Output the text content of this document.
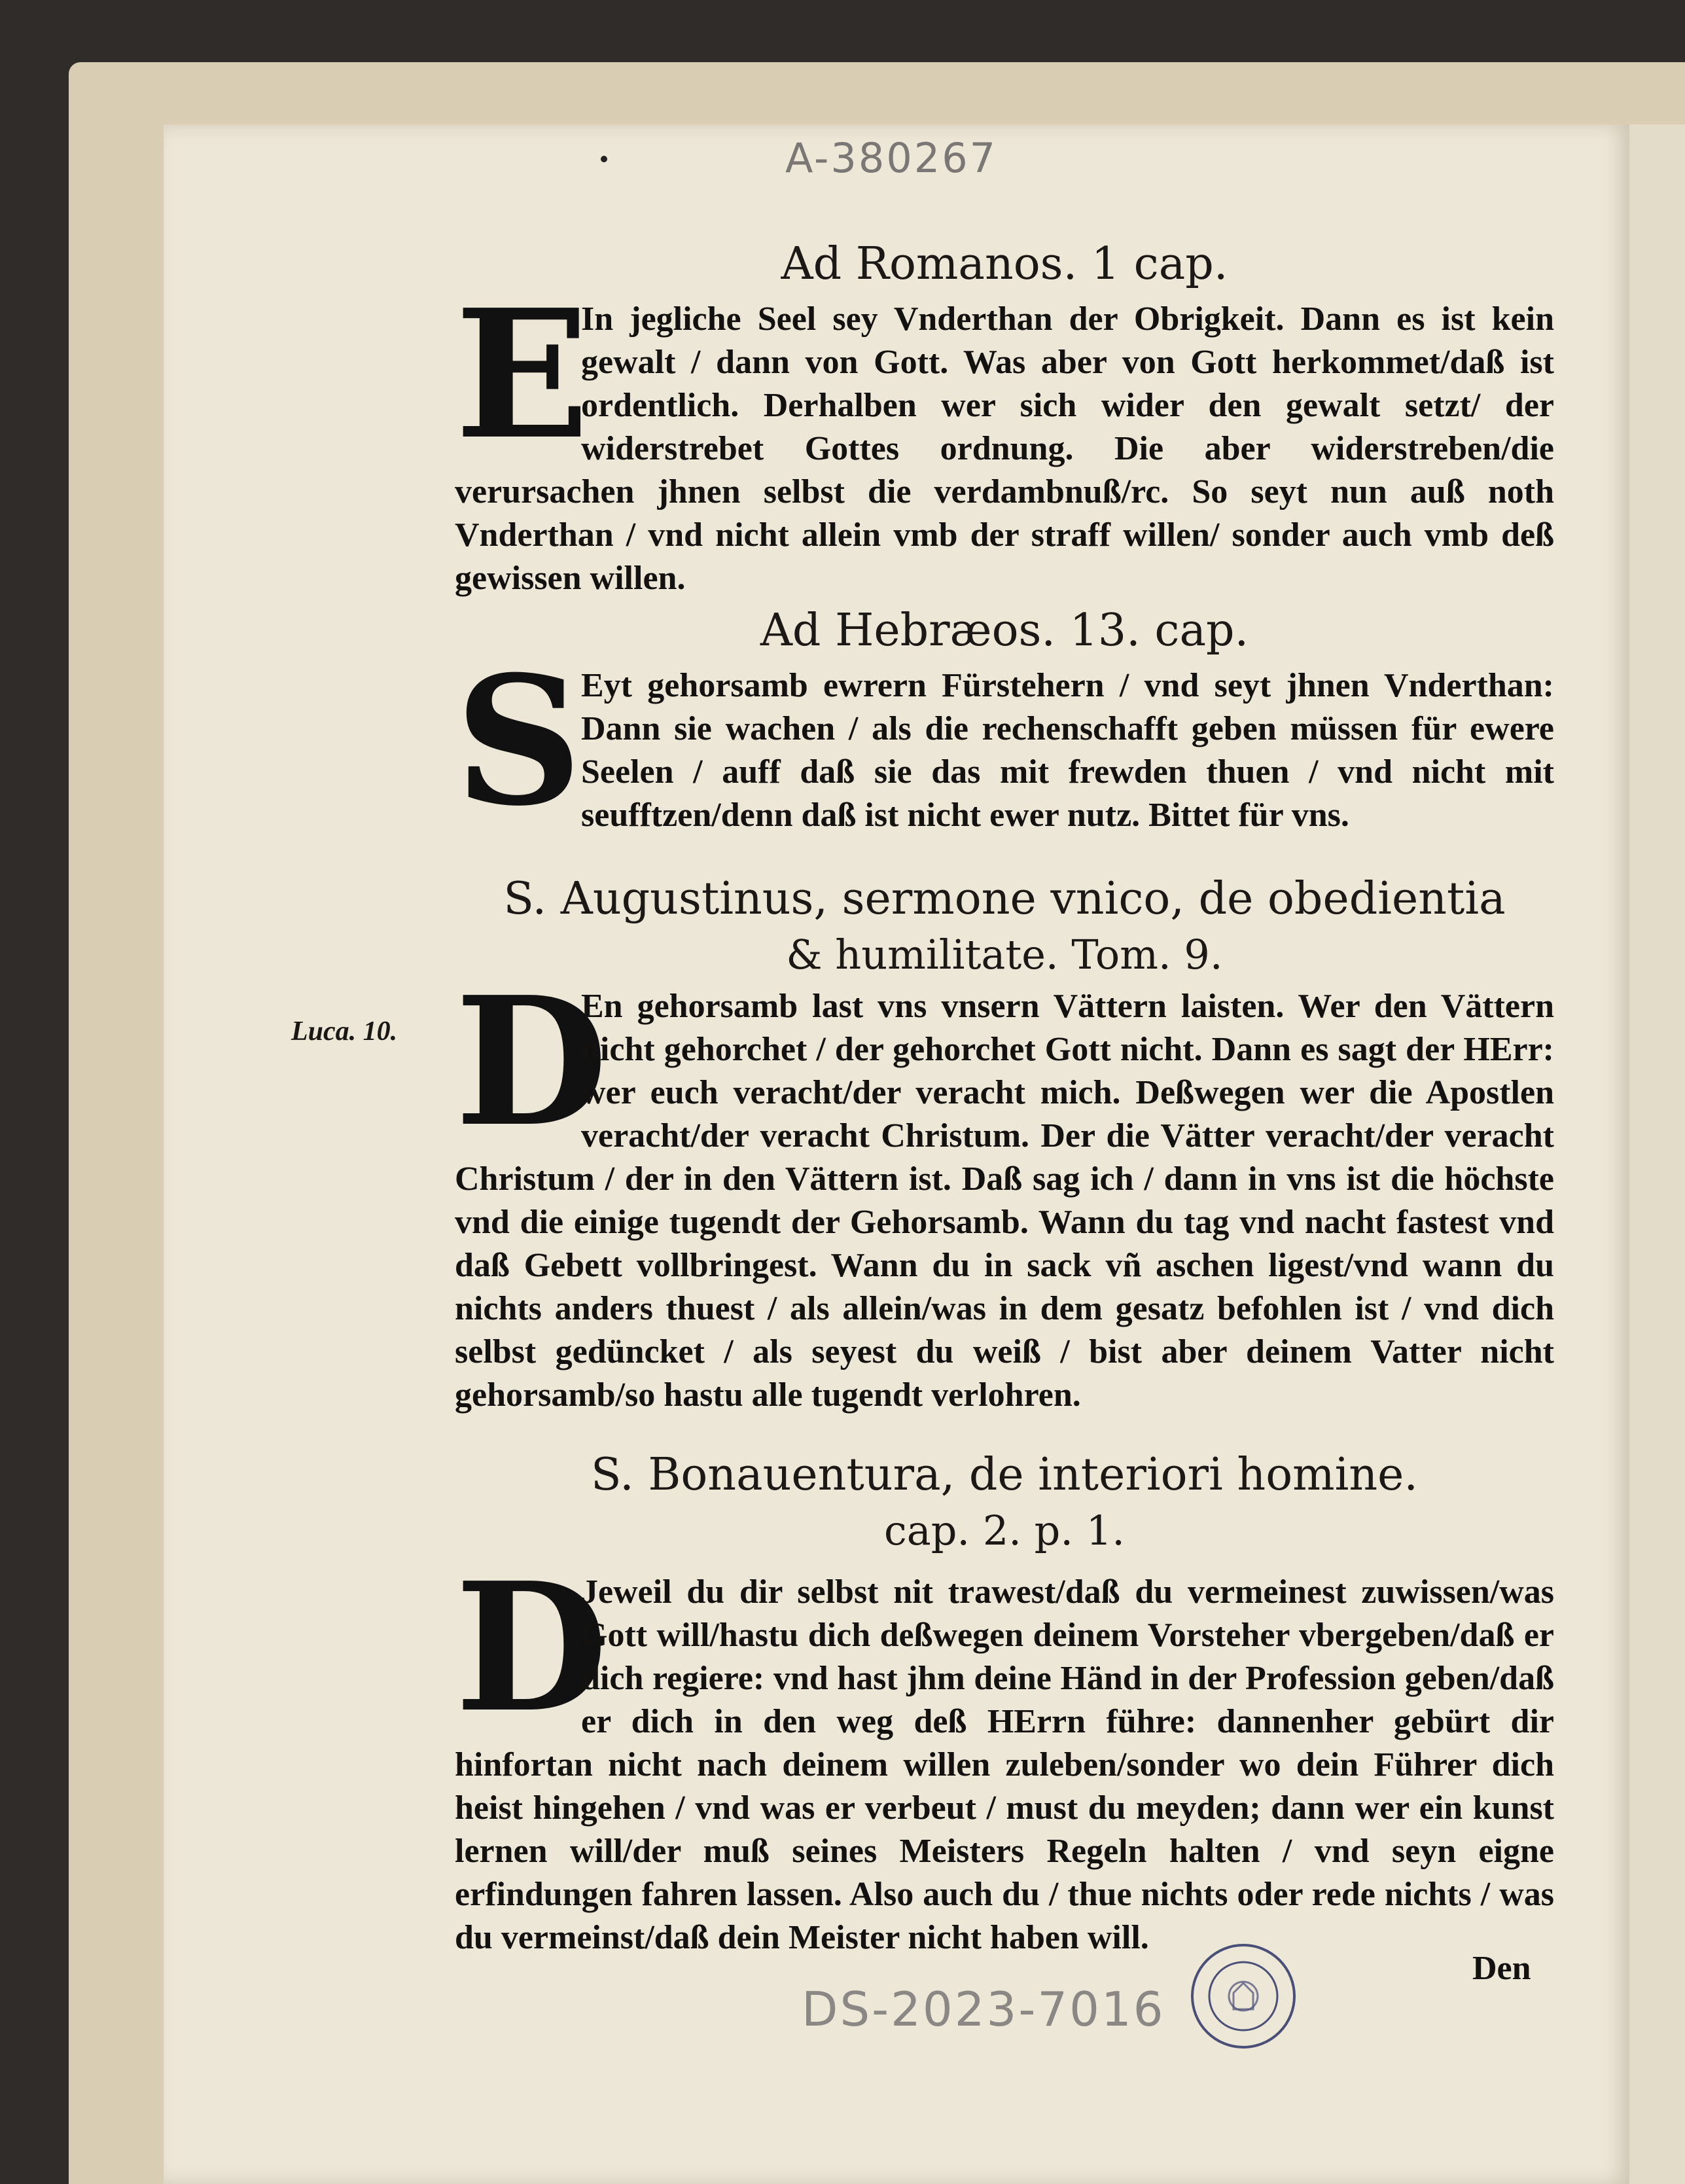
A-380267
Ad Romanos. 1 cap.
E
In jegliche Seel sey Vnderthan der Obrigkeit. Dann es ist kein gewalt / dann von Gott. Was aber von Gott herkommet/daß ist ordentlich. Derhalben wer sich wider den gewalt setzt/ der widerstrebet Gottes ordnung. Die aber widerstreben/die verursachen jhnen selbst die verdambnuß/rc. So seyt nun auß noth Vnderthan / vnd nicht allein vmb der straff willen/ sonder auch vmb deß gewissen willen.
Ad Hebræos. 13. cap.
S
Eyt gehorsamb ewrern Fürstehern / vnd seyt jhnen Vnderthan: Dann sie wachen / als die rechenschafft geben müssen für ewere Seelen / auff daß sie das mit frewden thuen / vnd nicht mit seufftzen/denn daß ist nicht ewer nutz. Bittet für vns.
S. Augustinus, sermone vnico, de obedientia
& humilitate. Tom. 9.
Luca. 10. D
En gehorsamb last vns vnsern Vättern laisten. Wer den Vättern nicht gehorchet / der gehorchet Gott nicht. Dann es sagt der HErr: wer euch veracht/der veracht mich. Deßwegen wer die Apostlen veracht/der veracht Christum. Der die Vätter veracht/der veracht Christum / der in den Vättern ist. Daß sag ich / dann in vns ist die höchste vnd die einige tugendt der Gehorsamb. Wann du tag vnd nacht fastest vnd daß Gebett vollbringest. Wann du in sack vñ aschen ligest/vnd wann du nichts anders thuest / als allein/was in dem gesatz befohlen ist / vnd dich selbst gedüncket / als seyest du weiß / bist aber deinem Vatter nicht gehorsamb/so hastu alle tugendt verlohren.
S. Bonauentura, de interiori homine.
cap. 2. p. 1.
D
Jeweil du dir selbst nit trawest/daß du vermeinest zuwissen/was Gott will/hastu dich deßwegen deinem Vorsteher vbergeben/daß er dich regiere: vnd hast jhm deine Händ in der Profession geben/daß er dich in den weg deß HErrn führe: dannenher gebürt dir hinfortan nicht nach deinem willen zuleben/sonder wo dein Führer dich heist hingehen / vnd was er verbeut / must du meyden; dann wer ein kunst lernen will/der muß seines Meisters Regeln halten / vnd seyn eigne erfindungen fahren lassen. Also auch du / thue nichts oder rede nichts / was du vermeinst/daß dein Meister nicht haben will.
Den
DS-2023-7016
